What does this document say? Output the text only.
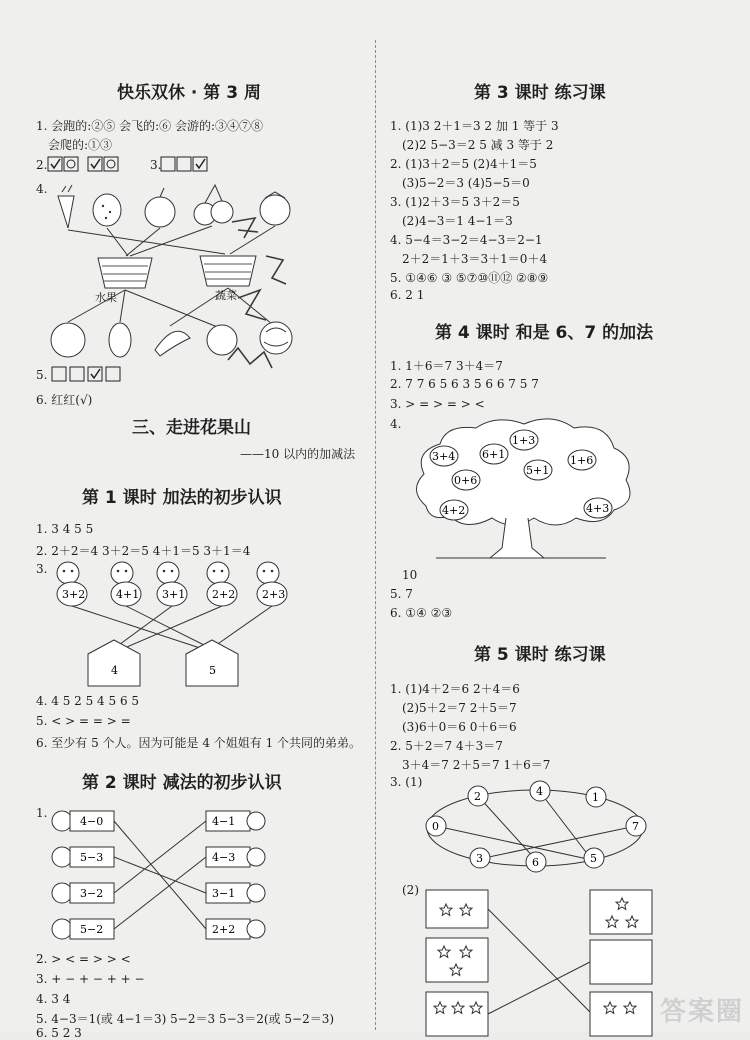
快乐双休 · 第 3 周
1. 会跑的:②⑤ 会飞的:⑥ 会游的:③④⑦⑧
会爬的:①③
2.	3.
4.
水果	蔬菜
5.
6. 红红(√)
三、走进花果山
——10 以内的加减法
第 1 课时 加法的初步认识
1. 3 4 5 5
2. 2＋2＝4 3＋2＝5 4＋1＝5 3＋1＝4
3.
3+2	4+1 3+1 2+2 2+3
4	5
4. 4 5 2 5 4 5 6 5
5. < > = = > =
6. 至少有 5 个人。因为可能是 4 个姐姐有 1 个共同的弟弟。
第 2 课时 减法的初步认识
1.
4−0
5−3
3−2
5−2
4−1
4−3
3−1
2+2
2. > < = > > <
3. + − + − + + −
4. 3 4
5. 4−3＝1(或 4−1＝3) 5−2＝3 5−3＝2(或 5−2＝3)
6. 5 2 3
第 3 课时 练习课
1. (1)3 2＋1＝3 2 加 1 等于 3
(2)2 5−3＝2 5 减 3 等于 2
2. (1)3＋2＝5 (2)4＋1＝5
(3)5−2＝3 (4)5−5＝0
3. (1)2＋3＝5 3＋2＝5
(2)4−3＝1 4−1＝3
4. 5−4＝3−2＝4−3＝2−1
2＋2＝1＋3＝3＋1＝0＋4
5. ①④⑥ ③ ⑤⑦⑩⑪⑫ ②⑧⑨
6. 2 1
第 4 课时 和是 6、7 的加法
1. 1＋6＝7 3＋4＝7
2. 7 7 6 5 6 3 5 6 6 7 5 7
3. > = > = > <
4.
1+3
3+4 6+1
0+6
5+1
1+6
4+2	4+3
10
5. 7
6. ①④ ②③
第 5 课时 练习课
1. (1)4＋2＝6 2＋4＝6
(2)5＋2＝7 2＋5＝7
(3)6＋0＝6 0＋6＝6
2. 5＋2＝7 4＋3＝7
3＋4＝7 2＋5＝7 1＋6＝7
3. (1)
2	4	1
0	7
3	6	5
(2)
答案圈
